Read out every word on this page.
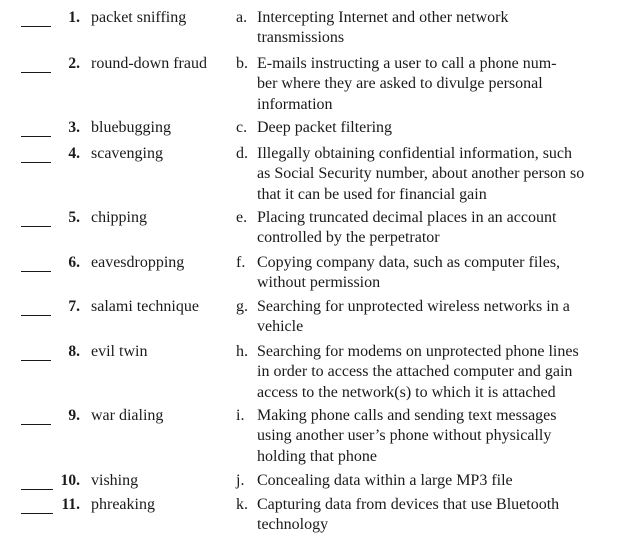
1. packet sniffing	a. Intercepting Internet and other network
transmissions
2. round-down fraud	b. E-mails instructing a user to call a phone num-
ber where they are asked to divulge personal
information
3. bluebugging	c. Deep packet filtering
4. scavenging	d. Illegally obtaining confidential information, such
as Social Security number, about another person so
that it can be used for financial gain
5. chipping	e. Placing truncated decimal places in an account
controlled by the perpetrator
6. eavesdropping	f. Copying company data, such as computer files,
without permission
7. salami technique	g. Searching for unprotected wireless networks in a
vehicle
8. evil twin	h. Searching for modems on unprotected phone lines
in order to access the attached computer and gain
access to the network(s) to which it is attached
9. war dialing	i. Making phone calls and sending text messages
using another user’s phone without physically
holding that phone
10. vishing	j. Concealing data within a large MP3 file
11. phreaking	k. Capturing data from devices that use Bluetooth
technology
